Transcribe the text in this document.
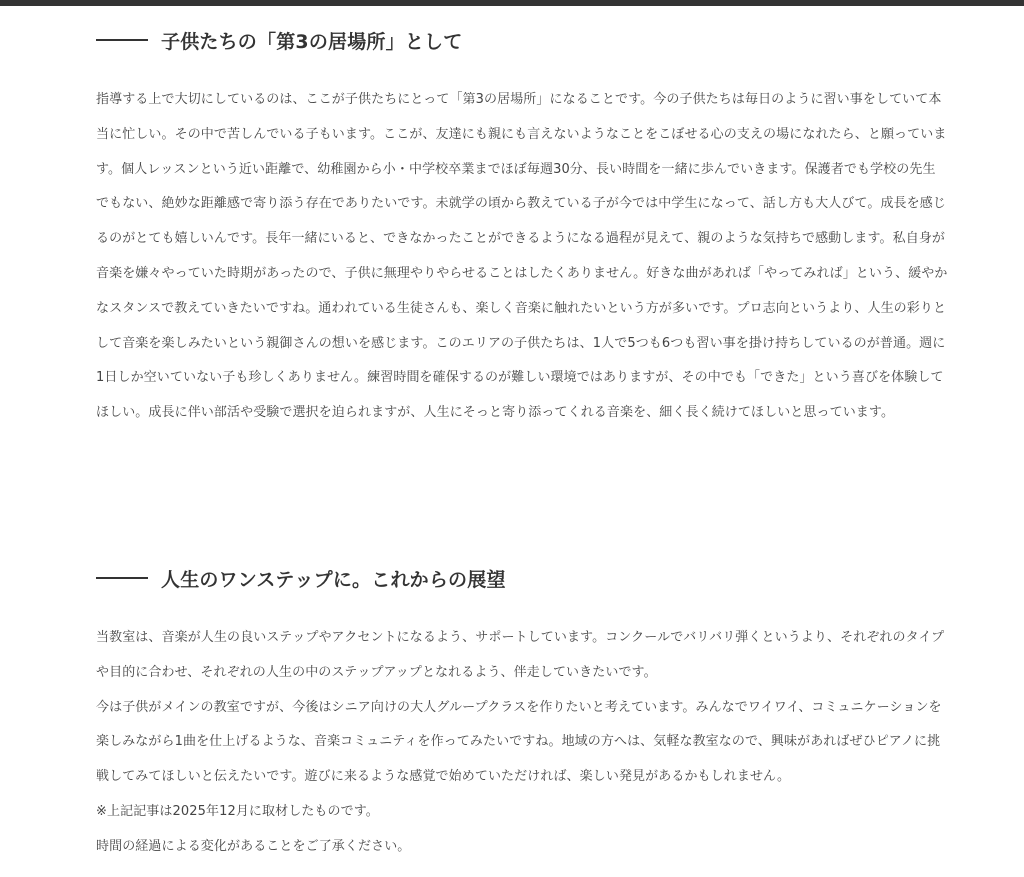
子供たちの「第3の居場所」として

指導する上で大切にしているのは、ここが子供たちにとって「第3の居場所」になることです。今の子供たちは毎日のように習い事をしていて本当に忙しい。その中で苦しんでいる子もいます。ここが、友達にも親にも言えないようなことをこぼせる心の支えの場になれたら、と願っています。個人レッスンという近い距離で、幼稚園から小・中学校卒業までほぼ毎週30分、長い時間を一緒に歩んでいきます。保護者でも学校の先生でもない、絶妙な距離感で寄り添う存在でありたいです。未就学の頃から教えている子が今では中学生になって、話し方も大人びて。成長を感じるのがとても嬉しいんです。長年一緒にいると、できなかったことができるようになる過程が見えて、親のような気持ちで感動します。私自身が音楽を嫌々やっていた時期があったので、子供に無理やりやらせることはしたくありません。好きな曲があれば「やってみれば」という、緩やかなスタンスで教えていきたいですね。通われている生徒さんも、楽しく音楽に触れたいという方が多いです。プロ志向というより、人生の彩りとして音楽を楽しみたいという親御さんの想いを感じます。このエリアの子供たちは、1人で5つも6つも習い事を掛け持ちしているのが普通。週に1日しか空いていない子も珍しくありません。練習時間を確保するのが難しい環境ではありますが、その中でも「できた」という喜びを体験してほしい。成長に伴い部活や受験で選択を迫られますが、人生にそっと寄り添ってくれる音楽を、細く長く続けてほしいと思っています。

人生のワンステップに。これからの展望

当教室は、音楽が人生の良いステップやアクセントになるよう、サポートしています。コンクールでバリバリ弾くというより、それぞれのタイプや目的に合わせ、それぞれの人生の中のステップアップとなれるよう、伴走していきたいです。

今は子供がメインの教室ですが、今後はシニア向けの大人グループクラスを作りたいと考えています。みんなでワイワイ、コミュニケーションを楽しみながら1曲を仕上げるような、音楽コミュニティを作ってみたいですね。地域の方へは、気軽な教室なので、興味があればぜひピアノに挑戦してみてほしいと伝えたいです。遊びに来るような感覚で始めていただければ、楽しい発見があるかもしれません。

※上記記事は2025年12月に取材したものです。

時間の経過による変化があることをご了承ください。
